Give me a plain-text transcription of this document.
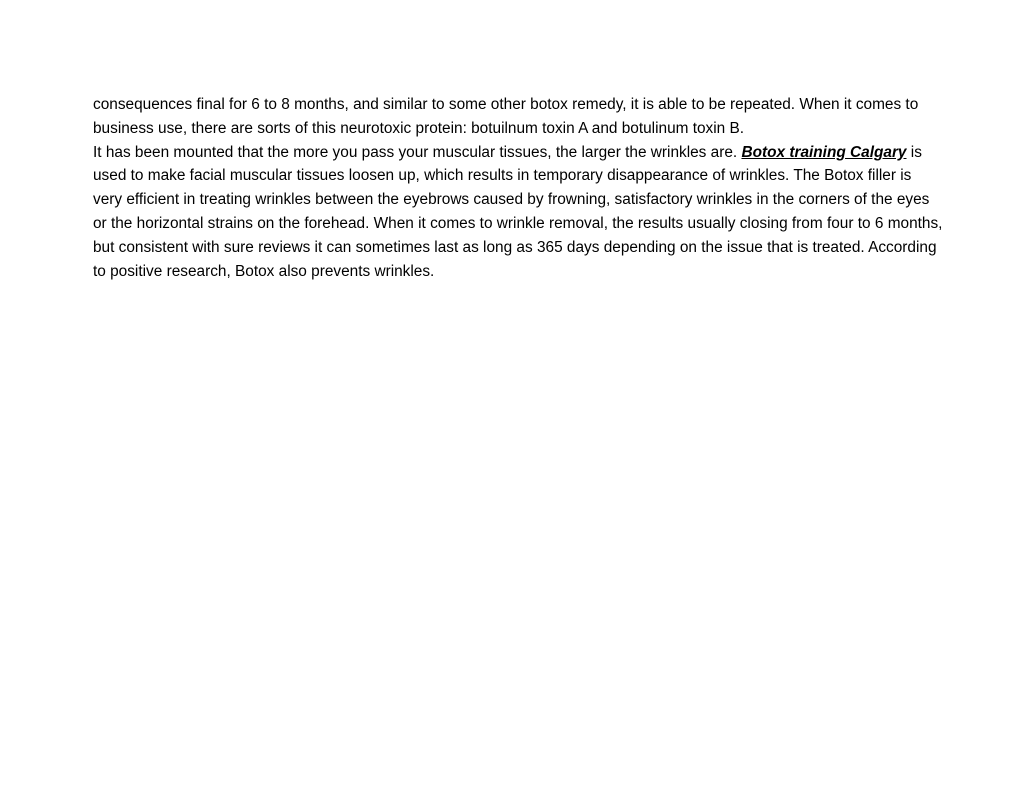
consequences final for 6 to 8 months, and similar to some other botox remedy, it is able to be repeated. When it comes to business use, there are sorts of this neurotoxic protein: botuilnum toxin A and botulinum toxin B.

It has been mounted that the more you pass your muscular tissues, the larger the wrinkles are. Botox training Calgary is used to make facial muscular tissues loosen up, which results in temporary disappearance of wrinkles. The Botox filler is very efficient in treating wrinkles between the eyebrows caused by frowning, satisfactory wrinkles in the corners of the eyes or the horizontal strains on the forehead. When it comes to wrinkle removal, the results usually closing from four to 6 months, but consistent with sure reviews it can sometimes last as long as 365 days depending on the issue that is treated. According to positive research, Botox also prevents wrinkles.
